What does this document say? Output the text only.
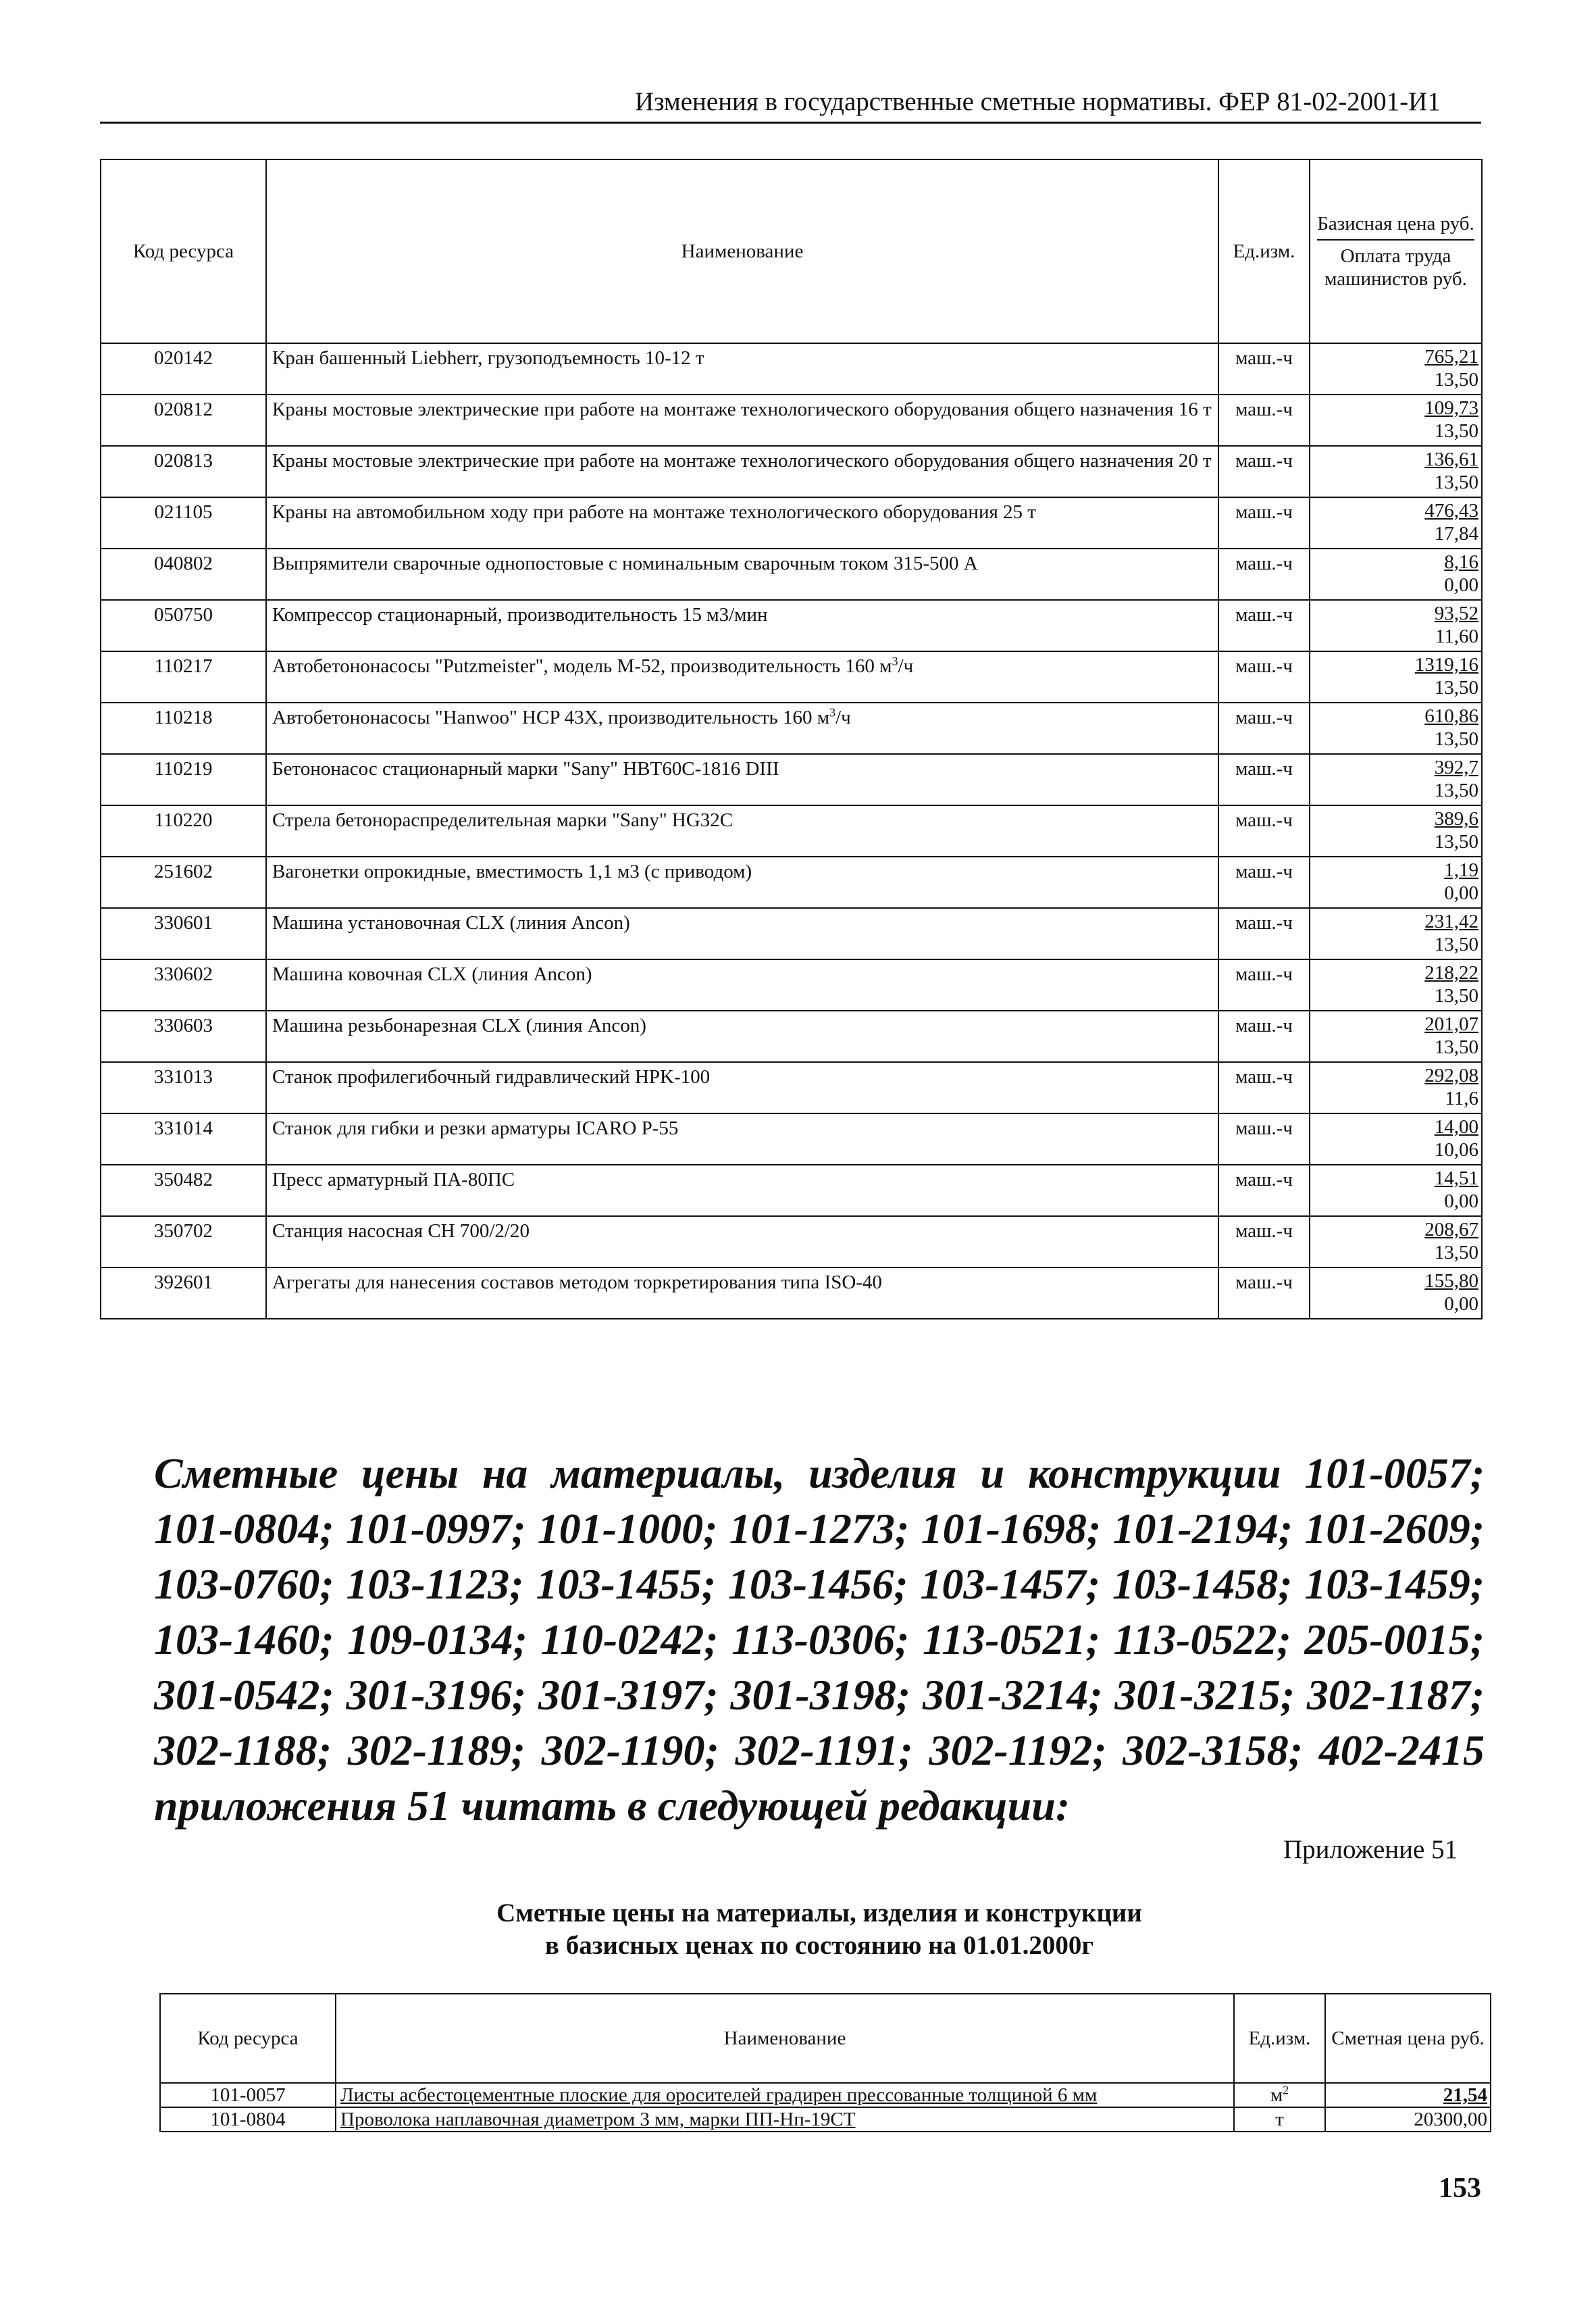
Изменения в государственные сметные нормативы. ФЕР 81-02-2001-И1
Код ресурса	Наименование	Ед.изм.	Базисная цена руб.
Оплата труда машинистов руб.

020142	Кран башенный Liebherr, грузоподъемность 10-12 т	маш.-ч	765,21
13,50

020812	Краны мостовые электрические при работе на монтаже технологического оборудования общего назначения 16 т	маш.-ч	109,73
13,50

020813	Краны мостовые электрические при работе на монтаже технологического оборудования общего назначения 20 т	маш.-ч	136,61
13,50

021105	Краны на автомобильном ходу при работе на монтаже технологического оборудования 25 т	маш.-ч	476,43
17,84

040802	Выпрямители сварочные однопостовые с номинальным сварочным током 315-500 А	маш.-ч	8,16
0,00

050750	Компрессор стационарный, производительность 15 м3/мин	маш.-ч	93,52
11,60

110217	Автобетононасосы "Putzmeister", модель М-52, производительность 160 $м^3/ч$	маш.-ч	1319,16
13,50

110218	Автобетононасосы "Hanwoo" HCP 43X, производительность 160 $м^3/ч$	маш.-ч	610,86
13,50

110219	Бетононасос стационарный марки "Sany" HBT60C-1816 DIII	маш.-ч	392,7
13,50

110220	Стрела бетонораспределительная марки "Sany" HG32C	маш.-ч	389,6
13,50

251602	Вагонетки опрокидные, вместимость 1,1 м3 (с приводом)	маш.-ч	1,19
0,00

330601	Машина установочная CLX (линия Ancon)	маш.-ч	231,42
13,50

330602	Машина ковочная CLX (линия Ancon)	маш.-ч	218,22
13,50

330603	Машина резьбонарезная CLX (линия Ancon)	маш.-ч	201,07
13,50

331013	Станок профилегибочный гидравлический HPK-100	маш.-ч	292,08
11,6

331014	Станок для гибки и резки арматуры ICARO P-55	маш.-ч	14,00
10,06

350482	Пресс арматурный ПА-80ПС	маш.-ч	14,51
0,00

350702	Станция насосная СН 700/2/20	маш.-ч	208,67
13,50

392601	Агрегаты для нанесения составов методом торкретирования типа ISO-40	маш.-ч	155,80
0,00
Сметные цены на материалы, изделия и конструкции 101-0057; 101-0804; 101-0997; 101-1000; 101-1273; 101-1698; 101-2194; 101-2609; 103-0760; 103-1123; 103-1455; 103-1456; 103-1457; 103-1458; 103-1459; 103-1460; 109-0134; 110-0242; 113-0306; 113-0521; 113-0522; 205-0015; 301-0542; 301-3196; 301-3197; 301-3198; 301-3214; 301-3215; 302-1187; 302-1188; 302-1189; 302-1190; 302-1191; 302-1192; 302-3158; 402-2415 приложения 51 читать в следующей редакции:
Приложение 51
Сметные цены на материалы, изделия и конструкции
в базисных ценах по состоянию на 01.01.2000г
Код ресурса	Наименование	Ед.изм.	Сметная цена руб.
101-0057	Листы асбестоцементные плоские для оросителей градирен прессованные толщиной 6 мм	$м^2$	21,54
101-0804	Проволока наплавочная диаметром 3 мм, марки ПП-Нп-19СТ	т	20300,00
153
